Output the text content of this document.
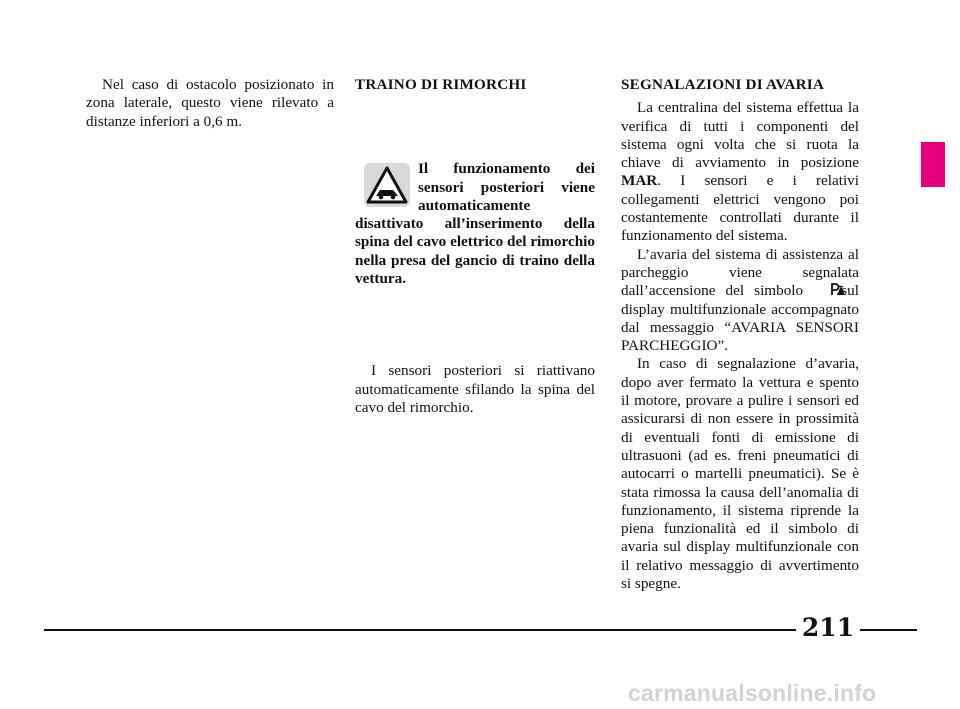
Nel caso di ostacolo posizionato in zona laterale, questo viene rilevato a distanze inferiori a 0,6 m.

TRAINO DI RIMORCHI

Il funzionamento dei sensori posteriori viene automaticamente disattivato all’inserimento della spina del cavo elettrico del rimorchio nella presa del gancio di traino della vettura.

I sensori posteriori si riattivano automaticamente sfilando la spina del cavo del rimorchio.

SEGNALAZIONI DI AVARIA

La centralina del sistema effettua la verifica di tutti i componenti del sistema ogni volta che si ruota la chiave di avviamento in posizione MAR. I sensori e i relativi collegamenti elettrici vengono poi costantemente controllati durante il funzionamento del sistema.

L’avaria del sistema di assistenza al parcheggio viene segnalata dall’accensione del simbolo  sul display multifunzionale accompagnato dal messaggio “AVARIA SENSORI PARCHEGGIO”.

In caso di segnalazione d’avaria, dopo aver fermato la vettura e spento il motore, provare a pulire i sensori ed assicurarsi di non essere in prossimità di eventuali fonti di emissione di ultrasuoni (ad es. freni pneumatici di autocarri o martelli pneumatici). Se è stata rimossa la causa dell’anomalia di funzionamento, il sistema riprende la piena funzionalità ed il simbolo di avaria sul display multifunzionale con il relativo messaggio di avvertimento si spegne.

211
carmanualsonline.info
